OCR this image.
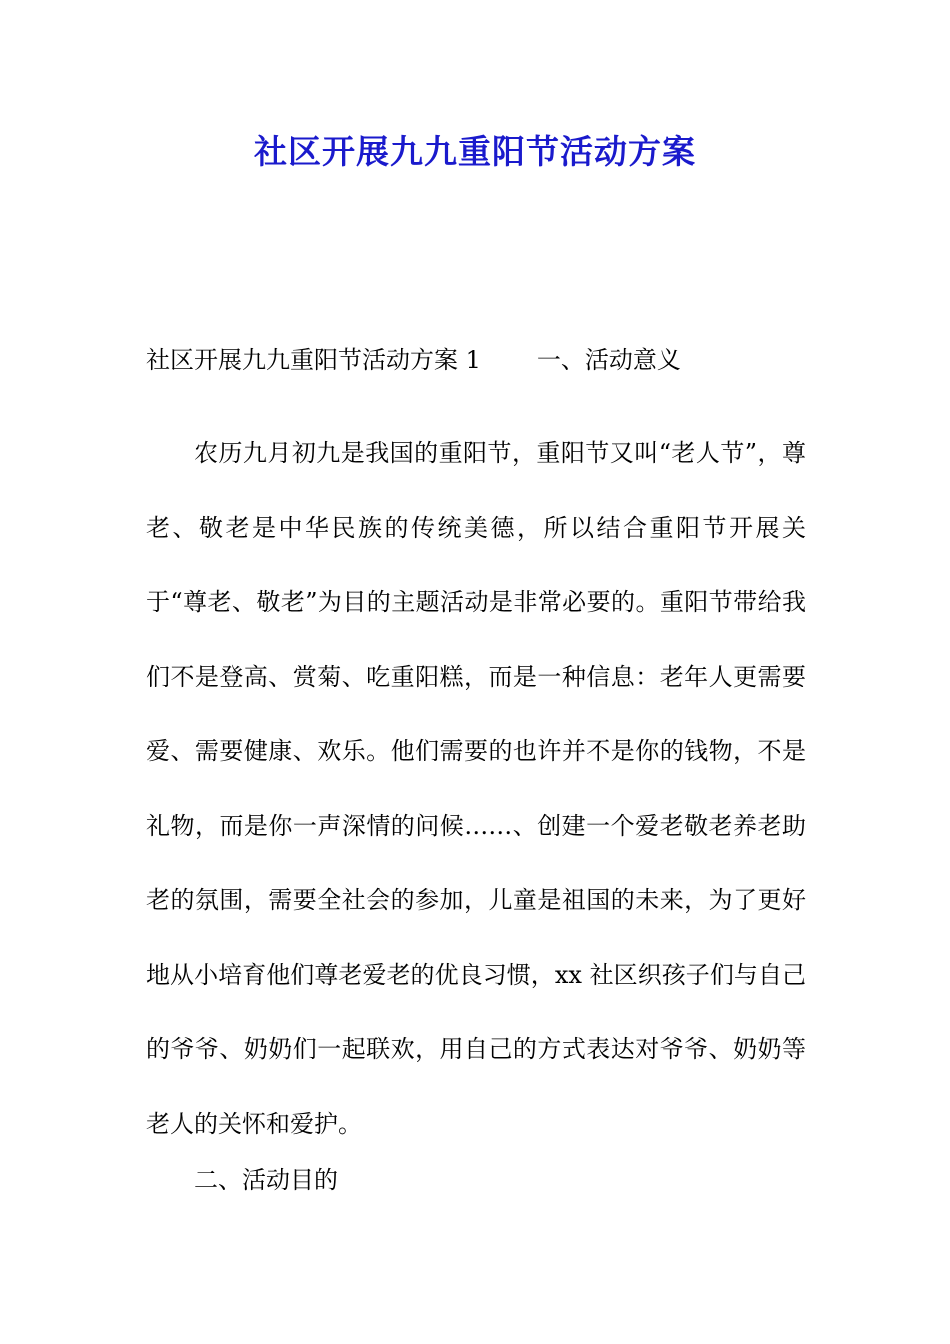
社区开展九九重阳节活动方案
社区开展九九重阳节活动方案 1 一、活动意义

农历九月初九是我国的重阳节，重阳节又叫“老人节”，尊老、敬老是中华民族的传统美德，所以结合重阳节开展关于“尊老、敬老”为目的主题活动是非常必要的。重阳节带给我们不是登高、赏菊、吃重阳糕，而是一种信息：老年人更需要爱、需要健康、欢乐。他们需要的也许并不是你的钱物，不是礼物，而是你一声深情的问候……、创建一个爱老敬老养老助老的氛围，需要全社会的参加，儿童是祖国的未来，为了更好地从小培育他们尊老爱老的优良习惯，xx 社区织孩子们与自己的爷爷、奶奶们一起联欢，用自己的方式表达对爷爷、奶奶等老人的关怀和爱护。

二、活动目的
